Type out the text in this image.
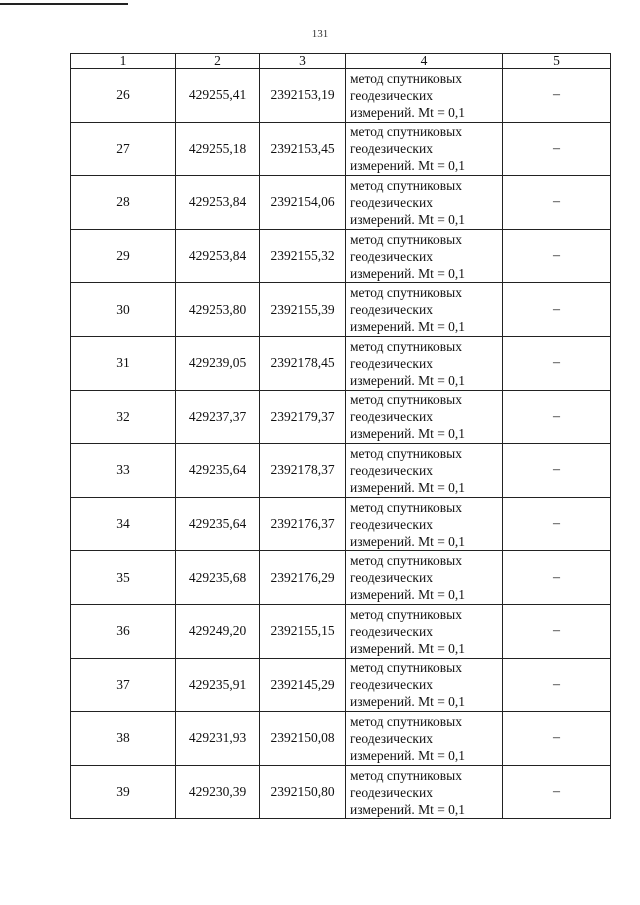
131
1	2	3	4	5
26	429255,41	2392153,19	метод спутниковых
геодезических
измерений. Mt = 0,1	–
27	429255,18	2392153,45	метод спутниковых
геодезических
измерений. Mt = 0,1	–
28	429253,84	2392154,06	метод спутниковых
геодезических
измерений. Mt = 0,1	–
29	429253,84	2392155,32	метод спутниковых
геодезических
измерений. Mt = 0,1	–
30	429253,80	2392155,39	метод спутниковых
геодезических
измерений. Mt = 0,1	–
31	429239,05	2392178,45	метод спутниковых
геодезических
измерений. Mt = 0,1	–
32	429237,37	2392179,37	метод спутниковых
геодезических
измерений. Mt = 0,1	–
33	429235,64	2392178,37	метод спутниковых
геодезических
измерений. Mt = 0,1	–
34	429235,64	2392176,37	метод спутниковых
геодезических
измерений. Mt = 0,1	–
35	429235,68	2392176,29	метод спутниковых
геодезических
измерений. Mt = 0,1	–
36	429249,20	2392155,15	метод спутниковых
геодезических
измерений. Mt = 0,1	–
37	429235,91	2392145,29	метод спутниковых
геодезических
измерений. Mt = 0,1	–
38	429231,93	2392150,08	метод спутниковых
геодезических
измерений. Mt = 0,1	–
39	429230,39	2392150,80	метод спутниковых
геодезических
измерений. Mt = 0,1	–
